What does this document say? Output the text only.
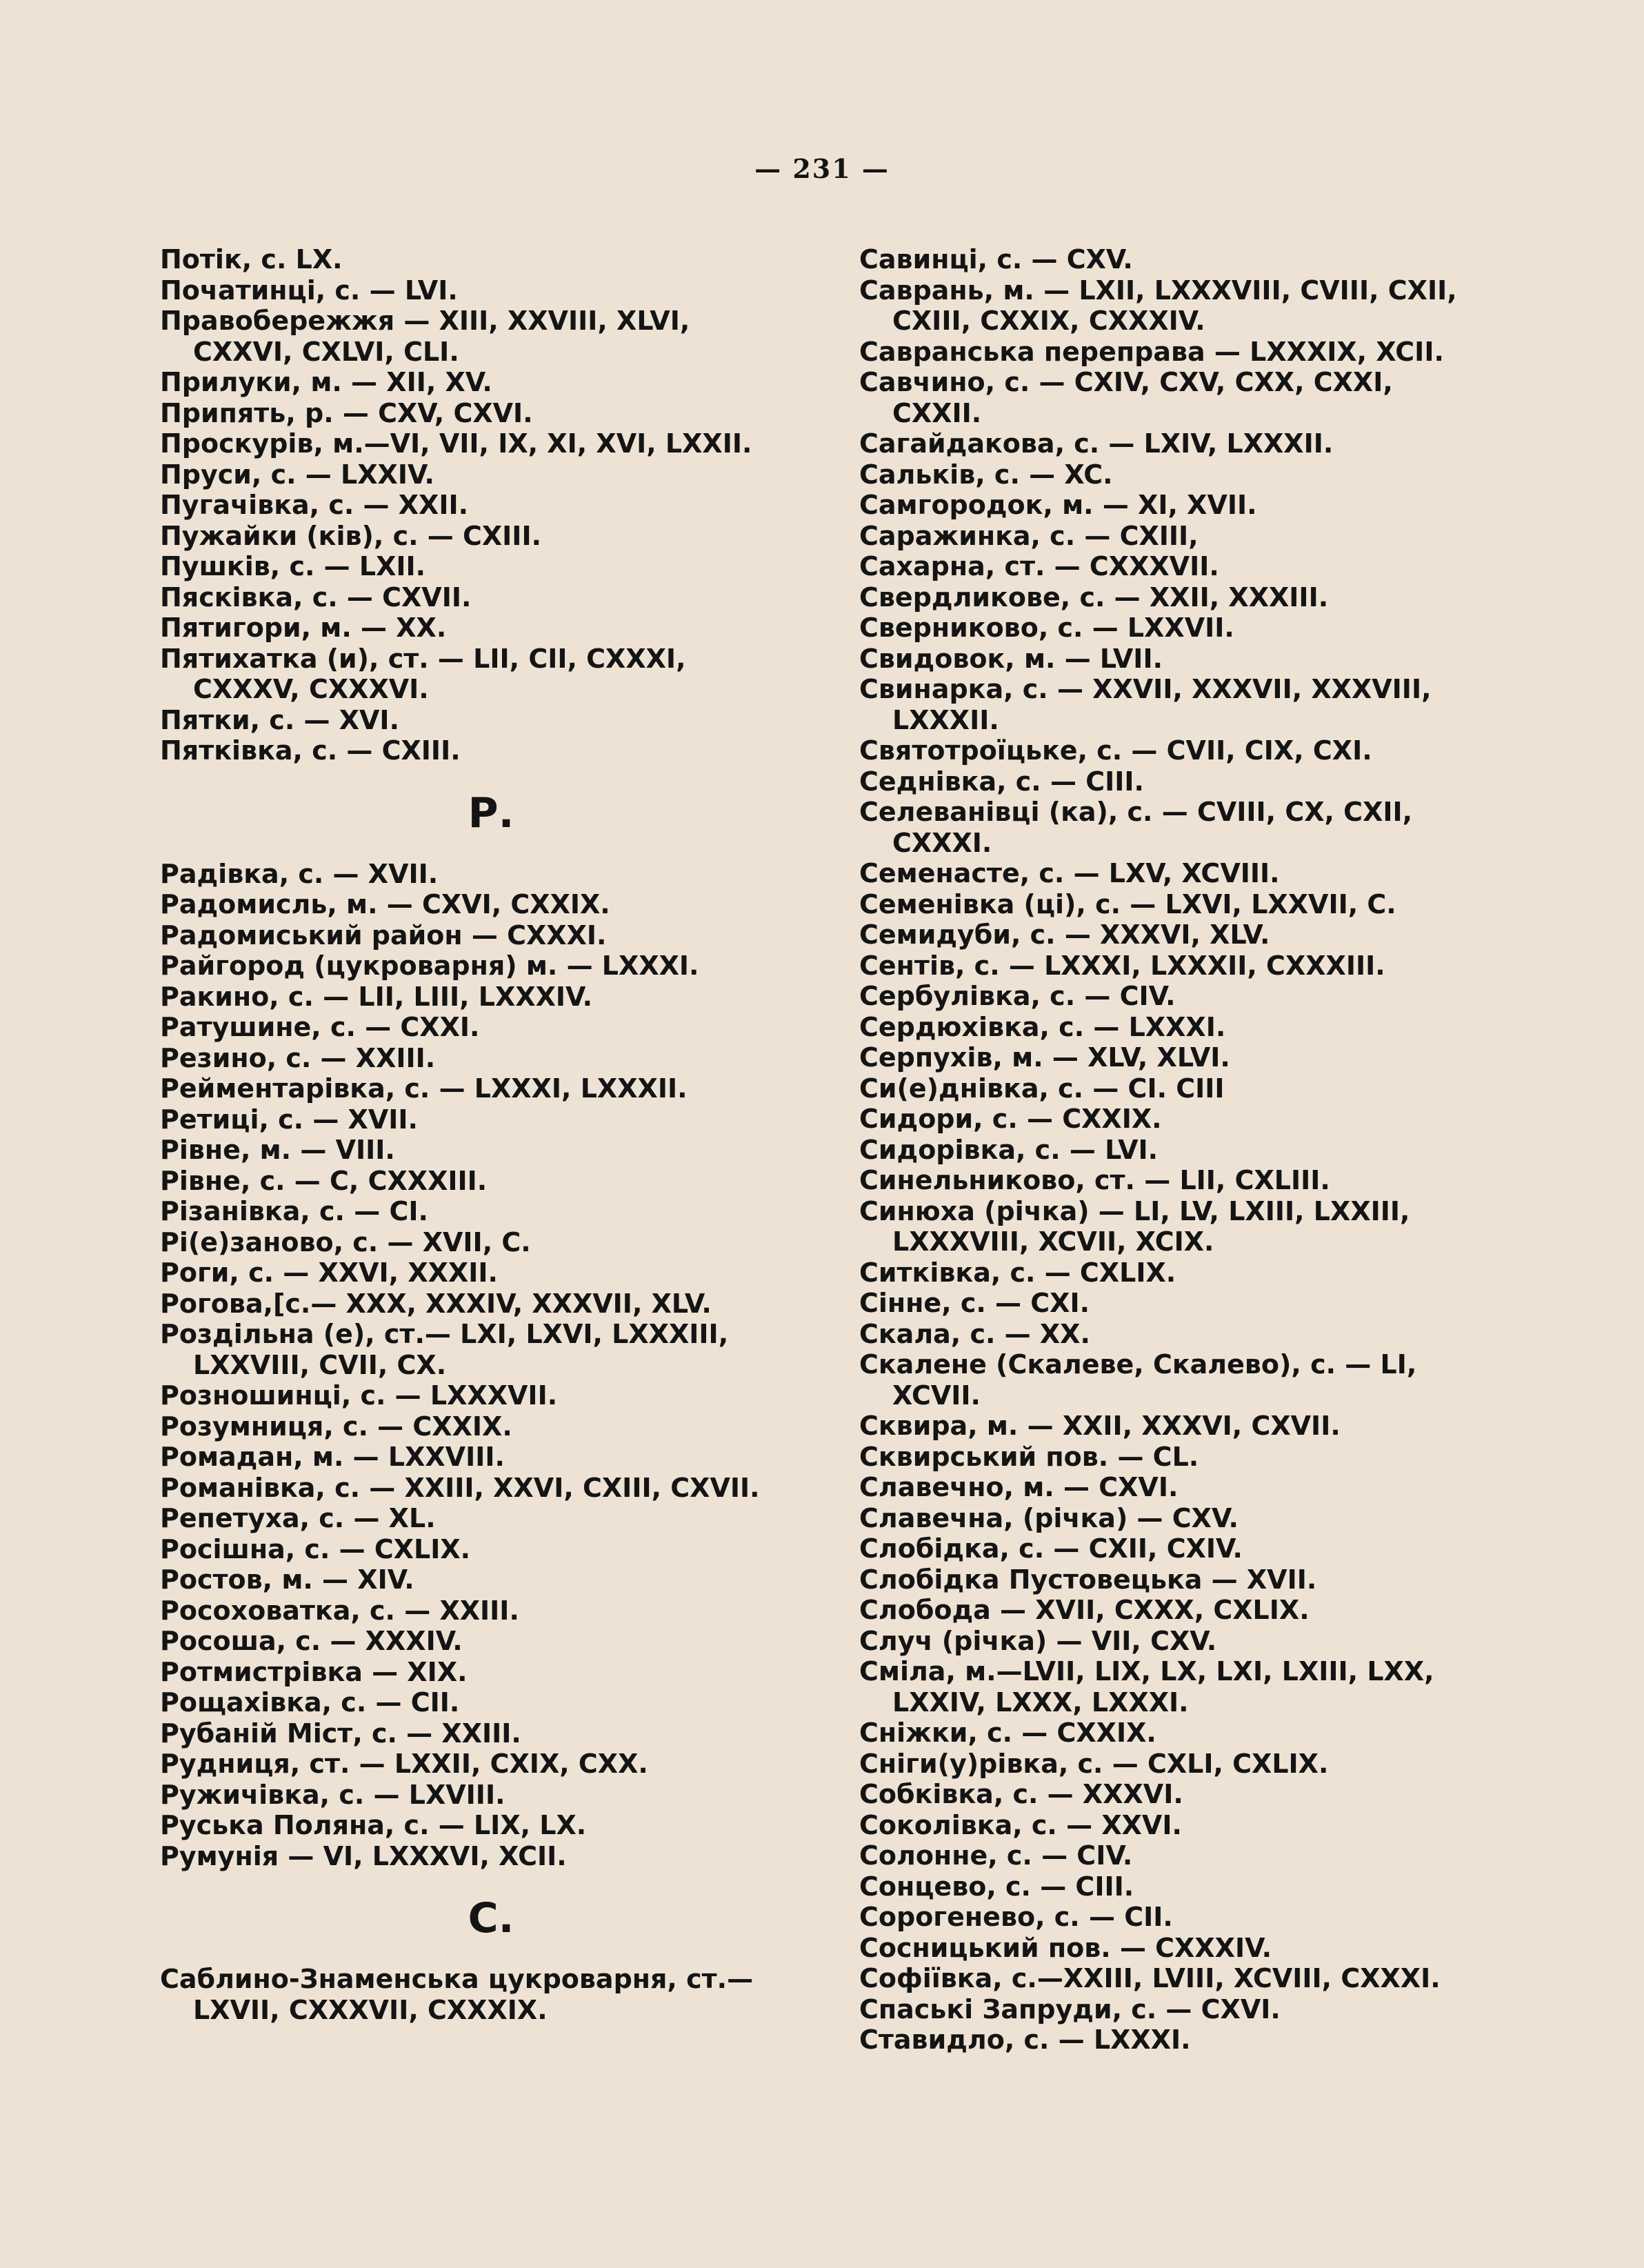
— 231 —
Потік, с. LX.
Початинці, с. — LVI.
Правобережжя — XIII, XXVIII, XLVI, CXXVI, CXLVI, CLI.
Прилуки, м. — XII, XV.
Припять, р. — CXV, CXVI.
Проскурів, м.—VI, VII, IX, XI, XVI, LXXII.
Пруси, с. — LXXIV.
Пугачівка, с. — XXII.
Пужайки (ків), с. — CXIII.
Пушків, с. — LXII.
Пясківка, с. — CXVII.
Пятигори, м. — XX.
Пятихатка (и), ст. — LII, CII, CXXXI, CXXXV, CXXXVI.
Пятки, с. — XVI.
Пятківка, с. — CXIII.
Р.
Радівка, с. — XVII.
Радомисль, м. — CXVI, CXXIX.
Радомиський район — CXXXI.
Райгород (цукроварня) м. — LXXXI.
Ракино, с. — LII, LIII, LXXXIV.
Ратушине, с. — CXXI.
Резино, с. — XXIII.
Рейментарівка, с. — LXXXI, LXXXII.
Ретиці, с. — XVII.
Рівне, м. — VIII.
Рівне, с. — C, CXXXIII.
Різанівка, с. — CI.
Рі(е)заново, с. — XVII, C.
Роги, с. — XXVI, XXXII.
Рогова,[с.— XXX, XXXIV, XXXVII, XLV.
Роздільна (е), ст.— LXI, LXVI, LXXXIII, LXXVIII, CVII, CX.
Розношинці, с. — LXXXVII.
Розумниця, с. — CXXIX.
Ромадан, м. — LXXVIII.
Романівка, с. — XXIII, XXVI, CXIII, CXVII.
Репетуха, с. — XL.
Росішна, с. — CXLIX.
Ростов, м. — XIV.
Росоховатка, с. — XXIII.
Росоша, с. — XXXIV.
Ротмистрівка — XIX.
Рощахівка, с. — CII.
Рубаній Міст, с. — XXIII.
Рудниця, ст. — LXXII, CXIX, CXX.
Ружичівка, с. — LXVIII.
Руська Поляна, с. — LIX, LX.
Румунія — VI, LXXXVI, XCII.
С.
Саблино-Знаменська цукроварня, ст.— LXVII, CXXXVII, CXXXIX.
Савинці, с. — CXV.
Саврань, м. — LXII, LXXXVIII, CVIII, CXII, CXIII, CXXIX, CXXXIV.
Савранська переправа — LXXXIX, XCII.
Савчино, с. — CXIV, CXV, CXX, CXXI, CXXII.
Сагайдакова, с. — LXIV, LXXXII.
Сальків, с. — XC.
Самгородок, м. — XI, XVII.
Саражинка, с. — CXIII,
Сахарна, ст. — CXXXVII.
Свердликове, с. — XXII, XXXIII.
Сверниково, с. — LXXVII.
Свидовок, м. — LVII.
Свинарка, с. — XXVII, XXXVII, XXXVIII, LXXXII.
Святотроїцьке, с. — CVII, CIX, CXI.
Седнівка, с. — CIII.
Селеванівці (ка), с. — CVIII, CX, CXII, CXXXI.
Семенасте, с. — LXV, XCVIII.
Семенівка (ці), с. — LXVI, LXXVII, C.
Семидуби, с. — XXXVI, XLV.
Сентів, с. — LXXXI, LXXXII, CXXXIII.
Сербулівка, с. — CIV.
Сердюхівка, с. — LXXXI.
Серпухів, м. — XLV, XLVI.
Си(е)днівка, с. — CI. CIII
Сидори, с. — CXXIX.
Сидорівка, с. — LVI.
Синельниково, ст. — LII, CXLIII.
Синюха (річка) — LI, LV, LXIII, LXXIII, LXXXVIII, XCVII, XCIX.
Ситківка, с. — CXLIX.
Сінне, с. — CXI.
Скала, с. — XX.
Скалене (Скалеве, Скалево), с. — LI, XCVII.
Сквира, м. — XXII, XXXVI, CXVII.
Сквирський пов. — CL.
Славечно, м. — CXVI.
Славечна, (річка) — CXV.
Слобідка, с. — CXII, CXIV.
Слобідка Пустовецька — XVII.
Слобода — XVII, CXXX, CXLIX.
Случ (річка) — VII, CXV.
Сміла, м.—LVII, LIX, LX, LXI, LXIII, LXX, LXXIV, LXXX, LXXXI.
Сніжки, с. — CXXIX.
Сніги(у)рівка, с. — CXLI, CXLIX.
Собківка, с. — XXXVI.
Соколівка, с. — XXVI.
Солонне, с. — CIV.
Сонцево, с. — CIII.
Сорогенево, с. — CII.
Сосницький пов. — CXXXIV.
Софіївка, с.—XXIII, LVIII, XCVIII, CXXXI.
Спаські Запруди, с. — CXVI.
Ставидло, с. — LXXXI.
